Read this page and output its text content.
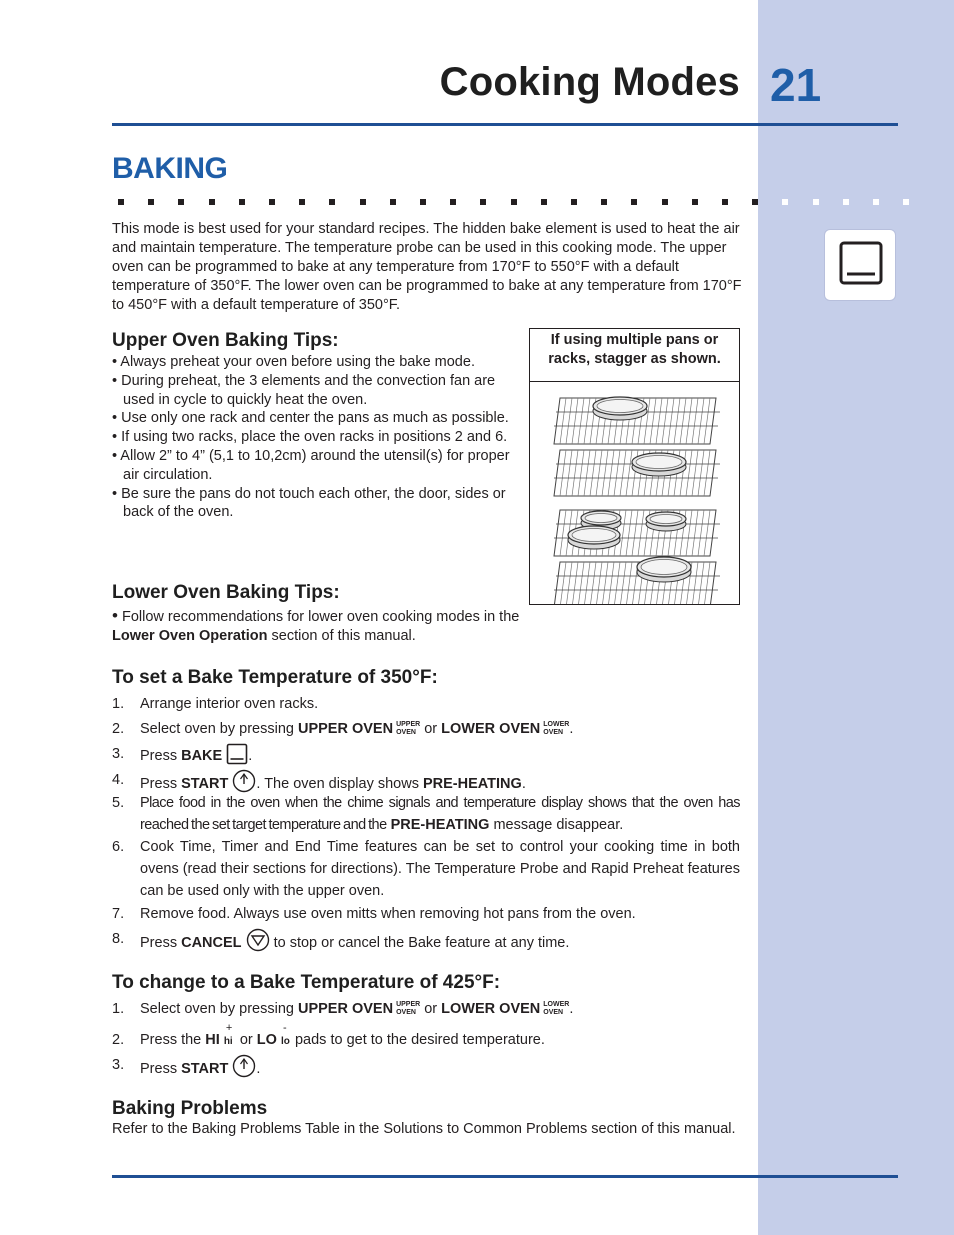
Cooking Modes 21
BAKING
This mode is best used for your standard recipes. The hidden bake element is used to heat the air and maintain temperature. The temperature probe can be used in this cooking mode. The upper oven can be programmed to bake at any temperature from 170°F to 550°F with a default temperature of 350°F. The lower oven can be programmed to bake at any temperature from 170°F to 450°F with a default temperature of 350°F.
Upper Oven Baking Tips:
• Always preheat your oven before using the bake mode.
• During preheat, the 3 elements and the convection fan are used in cycle to quickly heat the oven.
• Use only one rack and center the pans as much as possible.
• If using two racks, place the oven racks in positions 2 and 6.
• Allow 2” to 4” (5,1 to 10,2cm) around the utensil(s) for proper air circulation.
• Be sure the pans do not touch each other, the door, sides or back of the oven.
If using multiple pans or racks, stagger as shown.
Lower Oven Baking Tips:
• Follow recommendations for lower oven cooking modes in the Lower Oven Operation section of this manual.
To set a Bake Temperature of 350°F:
1. Arrange interior oven racks.
2. Select oven by pressing UPPER OVEN UPPER
OVEN or LOWER OVEN LOWER
OVEN .
3. Press BAKE .
4. Press START . The oven display shows PRE-HEATING.
5. Place food in the oven when the chime signals and temperature display shows that the oven has reached the set target temperature and the PRE-HEATING message disappear.
6. Cook Time, Timer and End Time features can be set to control your cooking time in both ovens (read their sections for directions). The Temperature Probe and Rapid Preheat features can be used only with the upper oven.
7. Remove food. Always use oven mitts when removing hot pans from the oven.
8. Press CANCEL to stop or cancel the Bake feature at any time.
To change to a Bake Temperature of 425°F:
1. Select oven by pressing UPPER OVEN UPPER
OVEN or LOWER OVEN LOWER
OVEN .
2. Press the HI
+
hi or LO
-
lo pads to get to the desired temperature.
3. Press START .
Baking Problems
Refer to the Baking Problems Table in the Solutions to Common Problems section of this manual.
